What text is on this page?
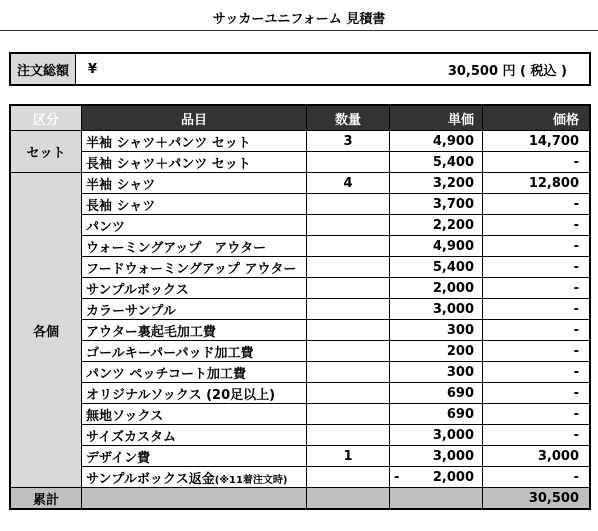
サッカーユニフォーム 見積書
注文総額	¥	30,500 円 ( 税込 )
区分	品目	数量	単価	価格
セット	半袖 シャツ＋パンツ セット	3	4,900	14,700
	長袖 シャツ＋パンツ セット		5,400	-
各個	半袖 シャツ	4	3,200	12,800
	長袖 シャツ		3,700	-
	パンツ		2,200	-
	ウォーミングアップ　アウター		4,900	-
	フードウォーミングアップ アウター		5,400	-
	サンプルボックス		2,000	-
	カラーサンプル		3,000	-
	アウター裏起毛加工費		300	-
	ゴールキーパーパッド加工費		200	-
	パンツ ペッチコート加工費		300	-
	オリジナルソックス (20足以上)		690	-
	無地ソックス		690	-
	サイズカスタム		3,000	-
	デザイン費	1	3,000	3,000
	サンプルボックス返金(※11着注文時)		- 2,000	-
累計				30,500
